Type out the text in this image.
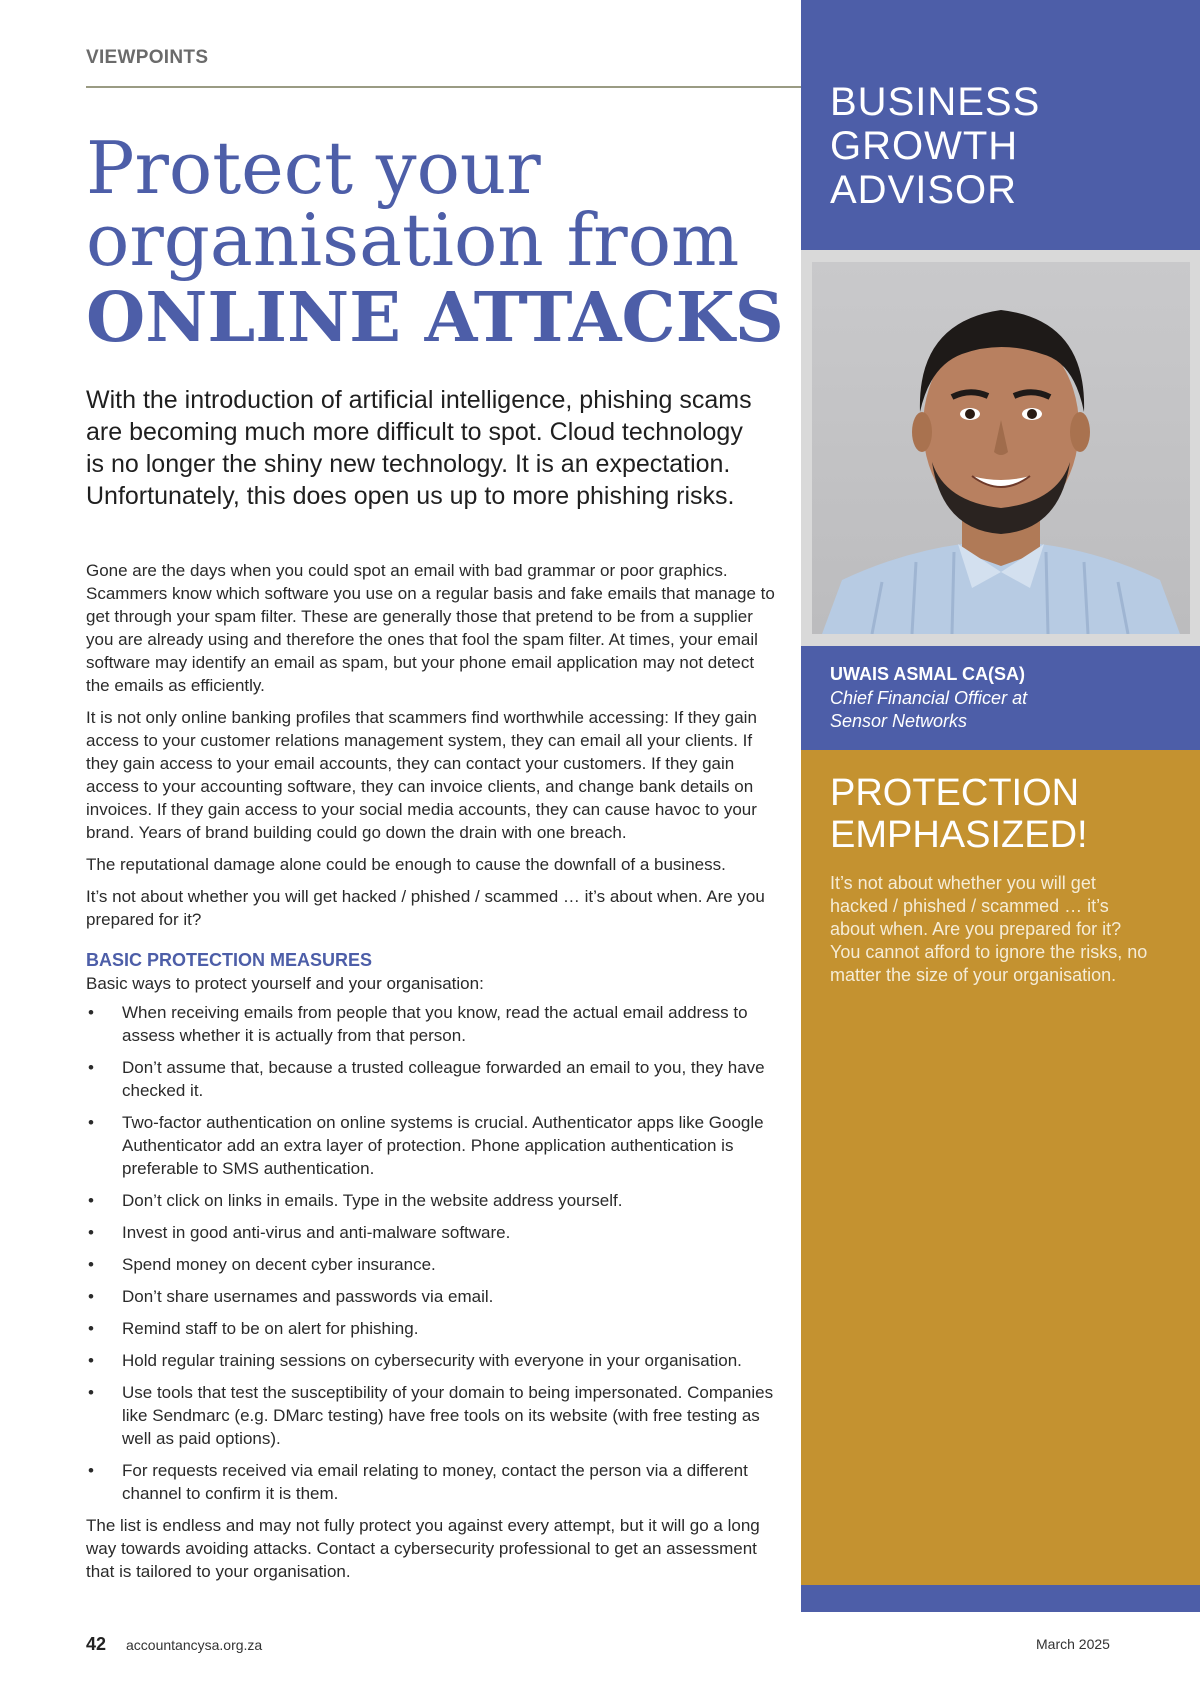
VIEWPOINTS
Protect your
organisation from
ONLINE ATTACKS

With the introduction of artificial intelligence, phishing scams are becoming much more difficult to spot. Cloud technology is no longer the shiny new technology. It is an expectation. Unfortunately, this does open us up to more phishing risks.

Gone are the days when you could spot an email with bad grammar or poor graphics. Scammers know which software you use on a regular basis and fake emails that manage to get through your spam filter. These are generally those that pretend to be from a supplier you are already using and therefore the ones that fool the spam filter. At times, your email software may identify an email as spam, but your phone email application may not detect the emails as efficiently.

It is not only online banking profiles that scammers find worthwhile accessing: If they gain access to your customer relations management system, they can email all your clients. If they gain access to your email accounts, they can contact your customers. If they gain access to your accounting software, they can invoice clients, and change bank details on invoices. If they gain access to your social media accounts, they can cause havoc to your brand. Years of brand building could go down the drain with one breach.

The reputational damage alone could be enough to cause the downfall of a business.

It’s not about whether you will get hacked / phished / scammed … it’s about when. Are you prepared for it?

BASIC PROTECTION MEASURES

Basic ways to protect yourself and your organisation:

• When receiving emails from people that you know, read the actual email address to assess whether it is actually from that person.
• Don’t assume that, because a trusted colleague forwarded an email to you, they have checked it.
• Two-factor authentication on online systems is crucial. Authenticator apps like Google Authenticator add an extra layer of protection. Phone application authentication is preferable to SMS authentication.
• Don’t click on links in emails. Type in the website address yourself.
• Invest in good anti-virus and anti-malware software.
• Spend money on decent cyber insurance.
• Don’t share usernames and passwords via email.
• Remind staff to be on alert for phishing.
• Hold regular training sessions on cybersecurity with everyone in your organisation.
• Use tools that test the susceptibility of your domain to being impersonated. Companies like Sendmarc (e.g. DMarc testing) have free tools on its website (with free testing as well as paid options).
• For requests received via email relating to money, contact the person via a different channel to confirm it is them.

The list is endless and may not fully protect you against every attempt, but it will go a long way towards avoiding attacks. Contact a cybersecurity professional to get an assessment that is tailored to your organisation.

42 accountancysa.org.za	March 2025
BUSINESS
GROWTH
ADVISOR
UWAIS ASMAL CA(SA)
Chief Financial Officer at
Sensor Networks
PROTECTION
EMPHASIZED!
It’s not about whether you will get hacked / phished / scammed … it’s about when. Are you prepared for it? You cannot afford to ignore the risks, no matter the size of your organisation.
